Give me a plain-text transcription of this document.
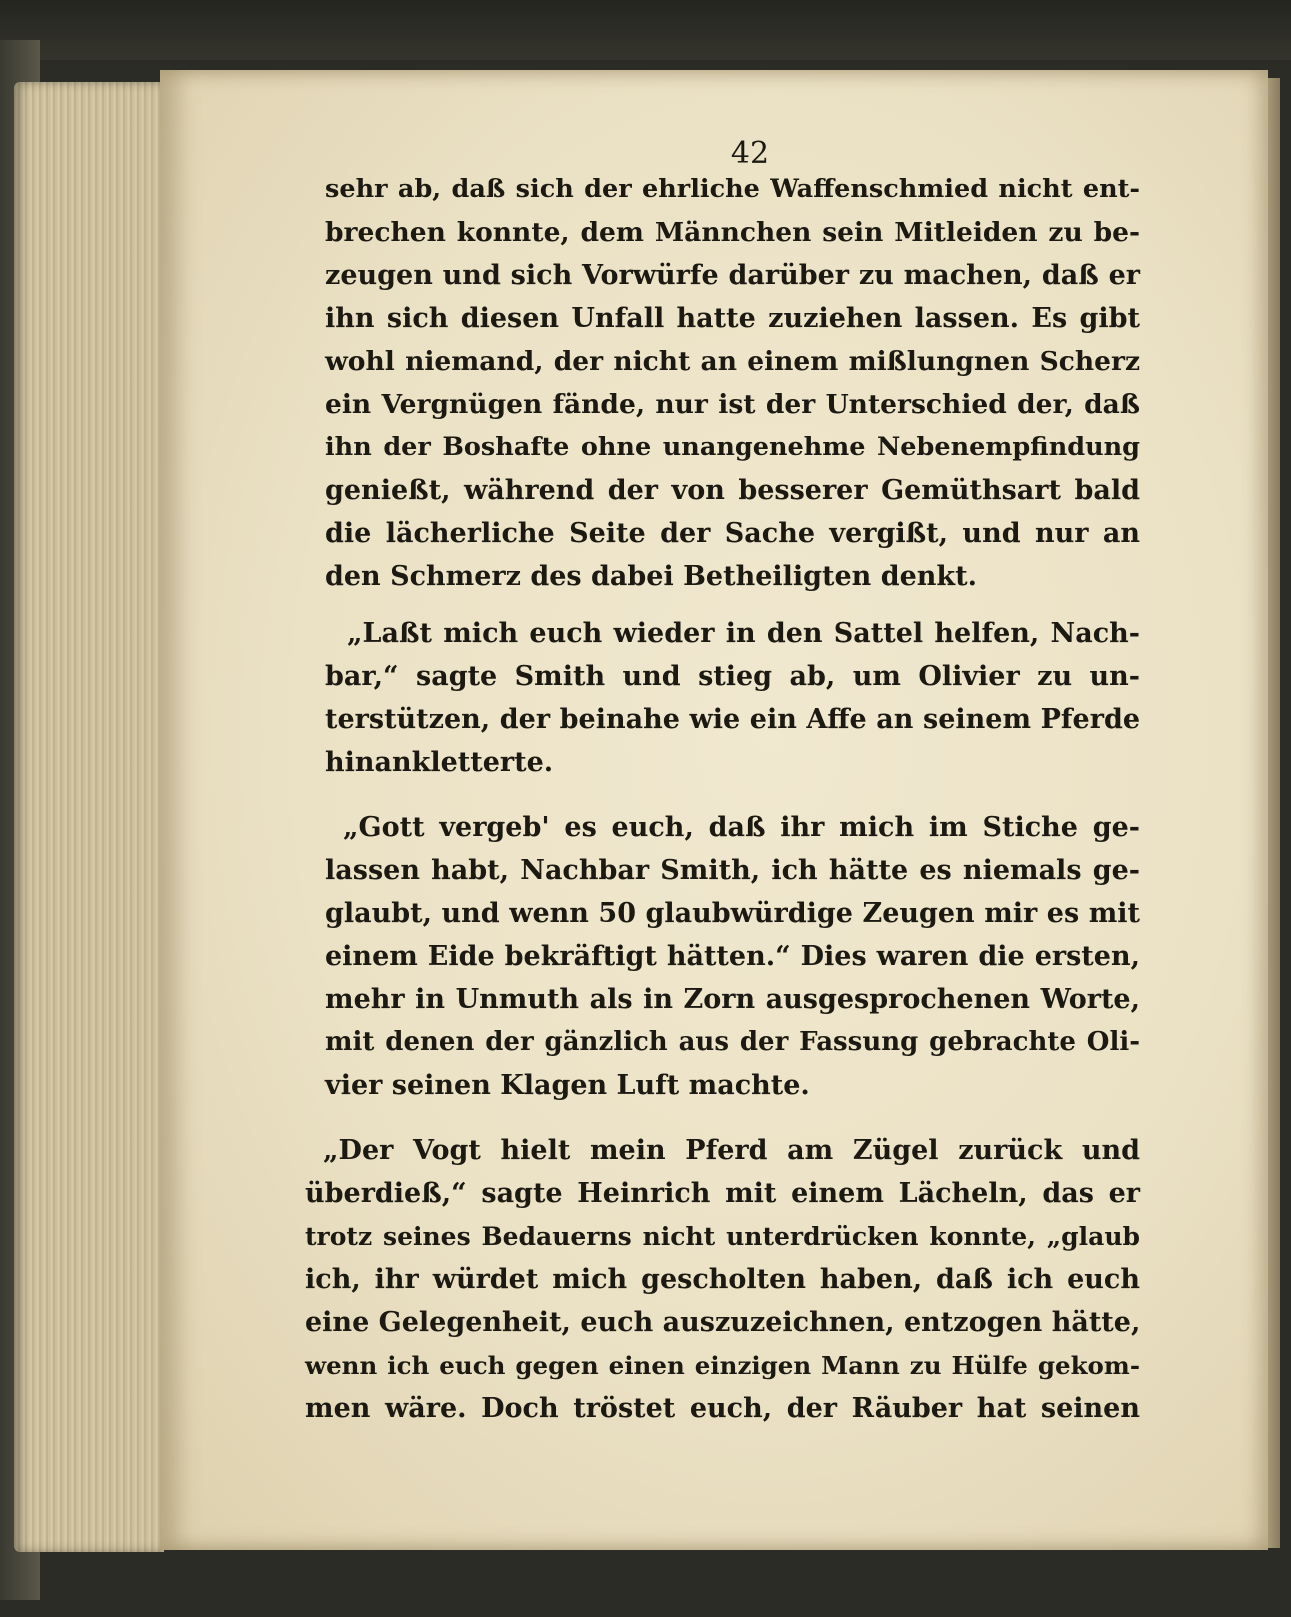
42
sehr ab, daß sich der ehrliche Waffenschmied nicht ent-
brechen konnte, dem Männchen sein Mitleiden zu be-
zeugen und sich Vorwürfe darüber zu machen, daß er
ihn sich diesen Unfall hatte zuziehen lassen. Es gibt
wohl niemand, der nicht an einem mißlungnen Scherz
ein Vergnügen fände, nur ist der Unterschied der, daß
ihn der Boshafte ohne unangenehme Nebenempfindung
genießt, während der von besserer Gemüthsart bald
die lächerliche Seite der Sache vergißt, und nur an
den Schmerz des dabei Betheiligten denkt.
„Laßt mich euch wieder in den Sattel helfen, Nach-
bar,“ sagte Smith und stieg ab, um Olivier zu un-
terstützen, der beinahe wie ein Affe an seinem Pferde
hinankletterte.
„Gott vergeb' es euch, daß ihr mich im Stiche ge-
lassen habt, Nachbar Smith, ich hätte es niemals ge-
glaubt, und wenn 50 glaubwürdige Zeugen mir es mit
einem Eide bekräftigt hätten.“ Dies waren die ersten,
mehr in Unmuth als in Zorn ausgesprochenen Worte,
mit denen der gänzlich aus der Fassung gebrachte Oli-
vier seinen Klagen Luft machte.
„Der Vogt hielt mein Pferd am Zügel zurück und
überdieß,“ sagte Heinrich mit einem Lächeln, das er
trotz seines Bedauerns nicht unterdrücken konnte, „glaub
ich, ihr würdet mich gescholten haben, daß ich euch
eine Gelegenheit, euch auszuzeichnen, entzogen hätte,
wenn ich euch gegen einen einzigen Mann zu Hülfe gekom-
men wäre. Doch tröstet euch, der Räuber hat seinen
